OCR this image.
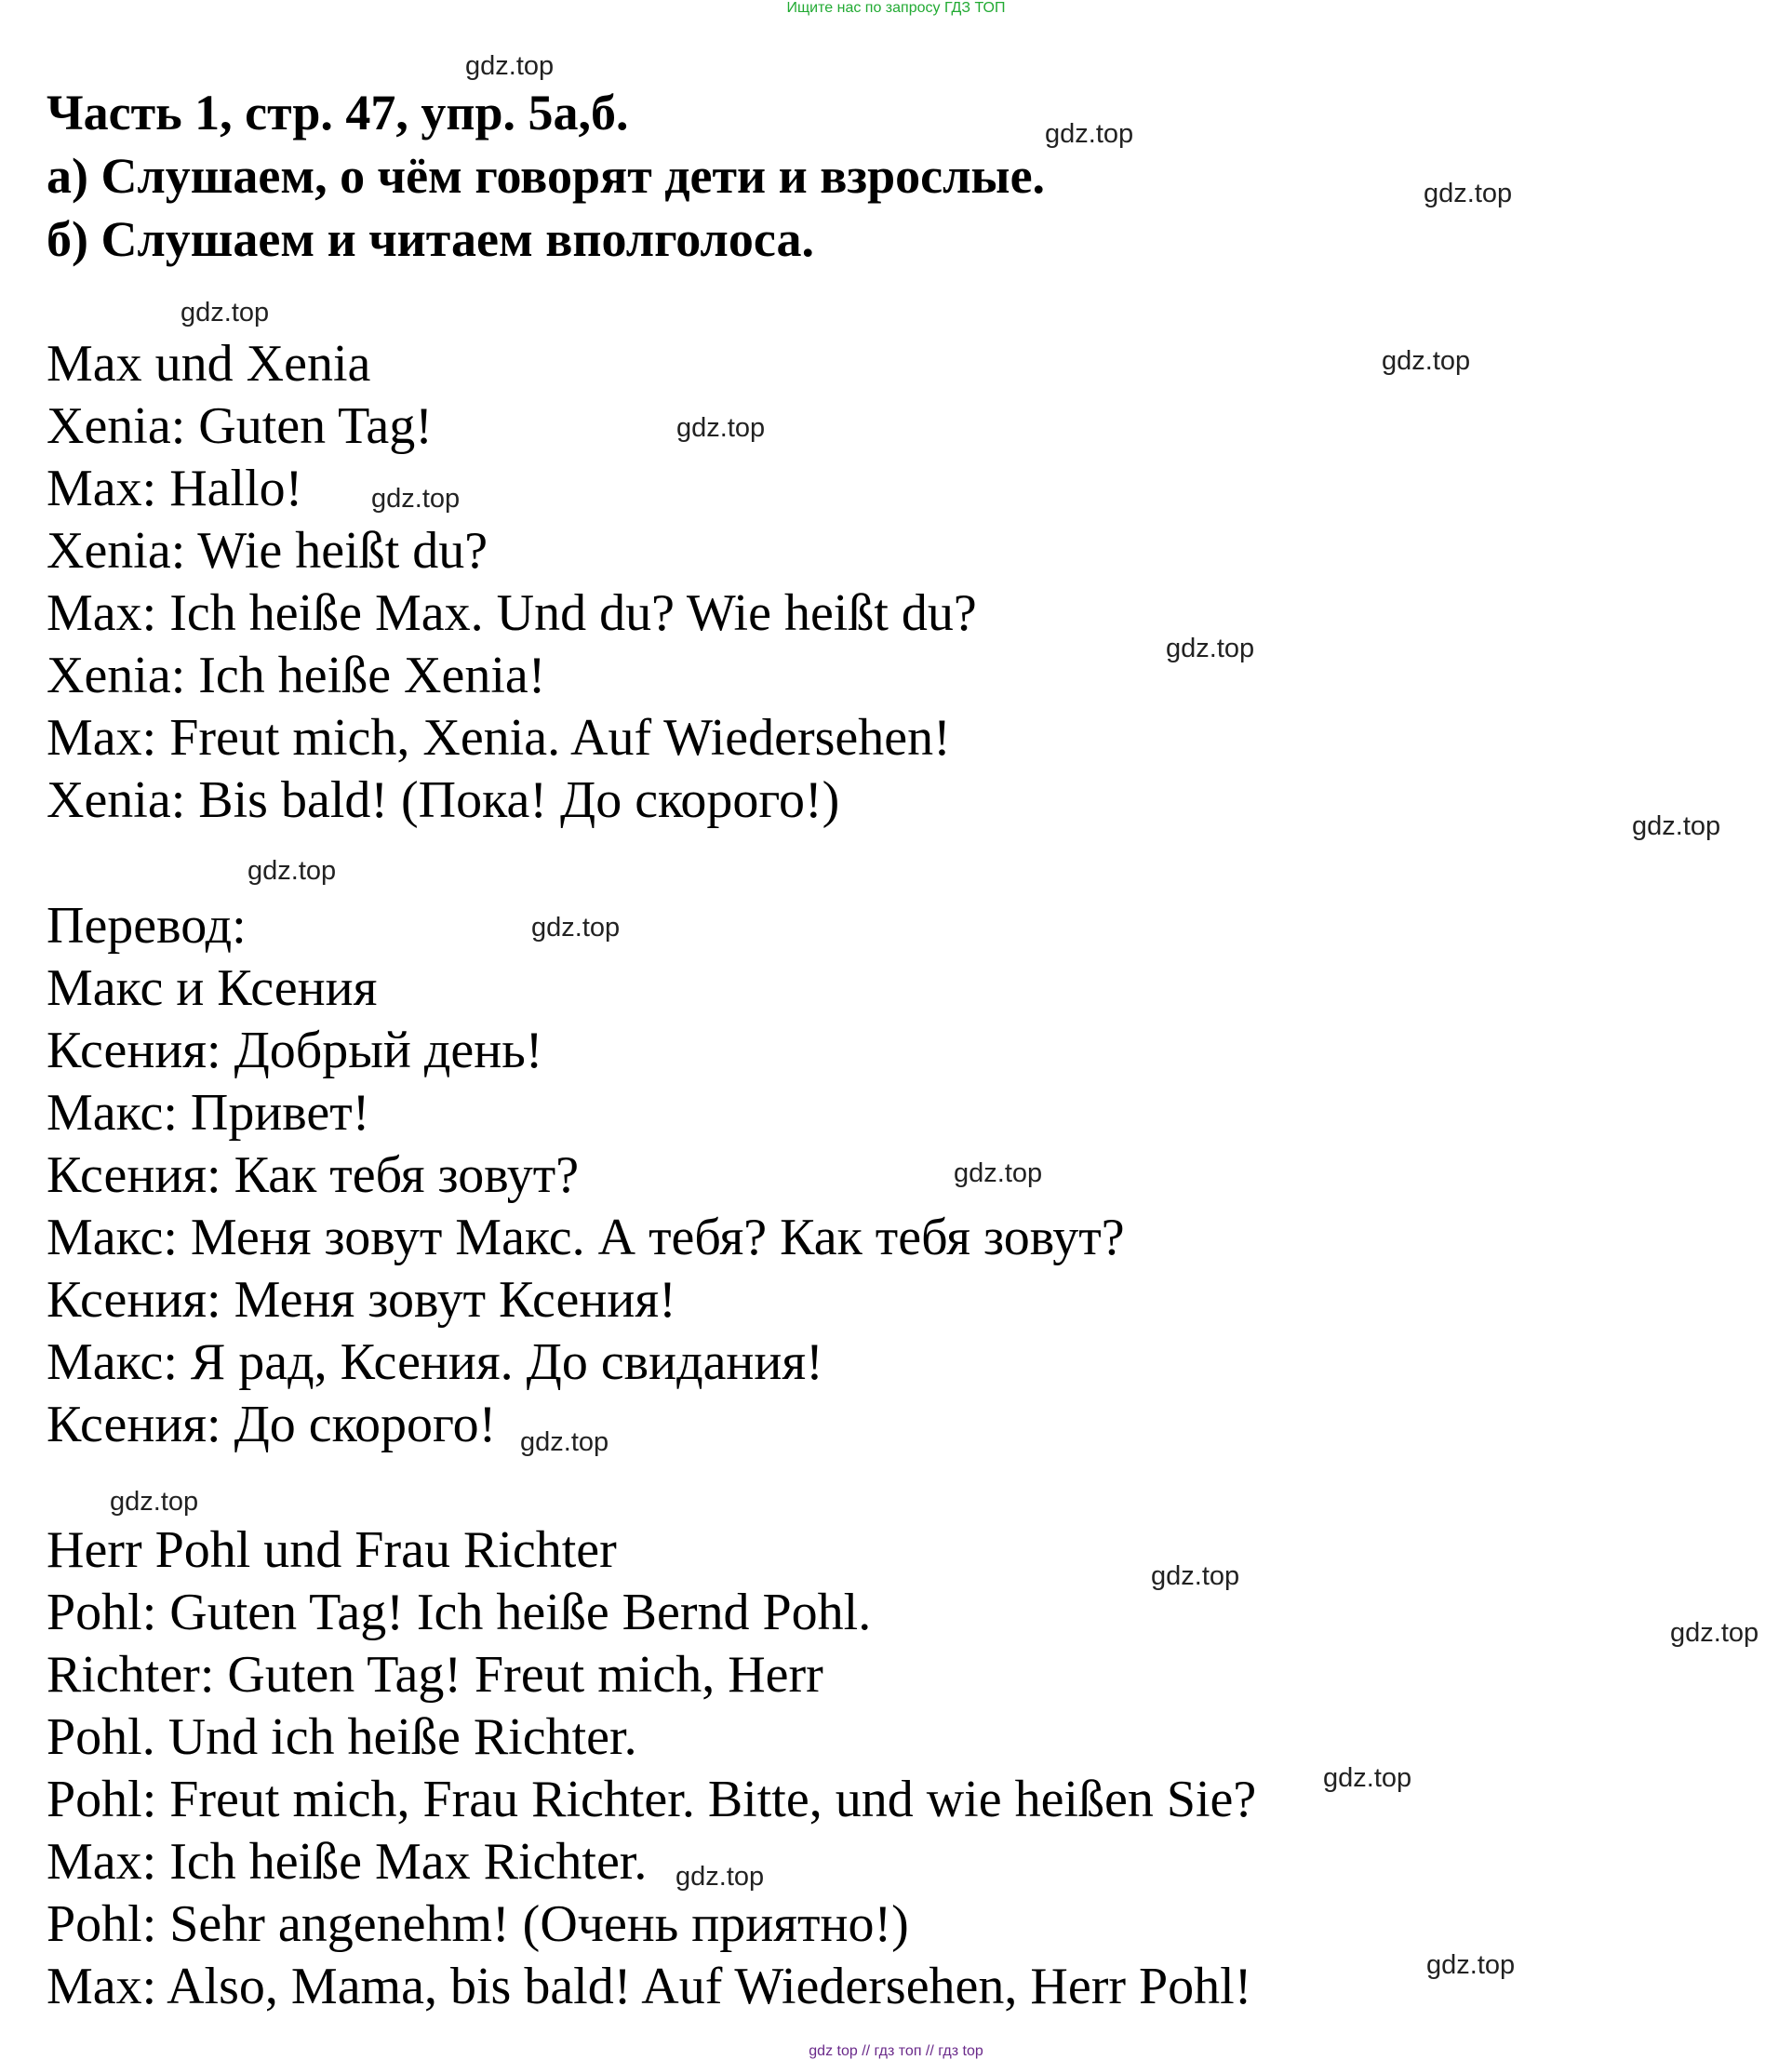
Ищите нас по запросу ГДЗ ТОП
Часть 1, стр. 47, упр. 5а,б.
а) Слушаем, о чём говорят дети и взрослые.
б) Слушаем и читаем вполголоса.

Max und Xenia

Xenia: Guten Tag!

Max: Hallo!

Xenia: Wie heißt du?

Max: Ich heiße Max. Und du? Wie heißt du?

Xenia: Ich heiße Xenia!

Max: Freut mich, Xenia. Auf Wiedersehen!

Xenia: Bis bald! (Пока! До скорого!)

Перевод:

Макс и Ксения

Ксения: Добрый день!

Макс: Привет!

Ксения: Как тебя зовут?

Макс: Меня зовут Макс. А тебя? Как тебя зовут?

Ксения: Меня зовут Ксения!

Макс: Я рад, Ксения. До свидания!

Ксения: До скорого!

Herr Pohl und Frau Richter

Pohl: Guten Tag! Ich heiße Bernd Pohl.

Richter: Guten Tag! Freut mich, Herr

Pohl. Und ich heiße Richter.

Pohl: Freut mich, Frau Richter. Bitte, und wie heißen Sie?

Max: Ich heiße Max Richter.

Pohl: Sehr angenehm! (Очень приятно!)

Max: Also, Mama, bis bald! Auf Wiedersehen, Herr Pohl!

gdz.top
gdz.top
gdz.top
gdz.top
gdz.top
gdz.top
gdz.top
gdz.top
gdz.top
gdz.top
gdz.top
gdz.top
gdz.top
gdz.top
gdz.top
gdz.top
gdz.top
gdz.top
gdz.top
gdz top // гдз топ // гдз top
